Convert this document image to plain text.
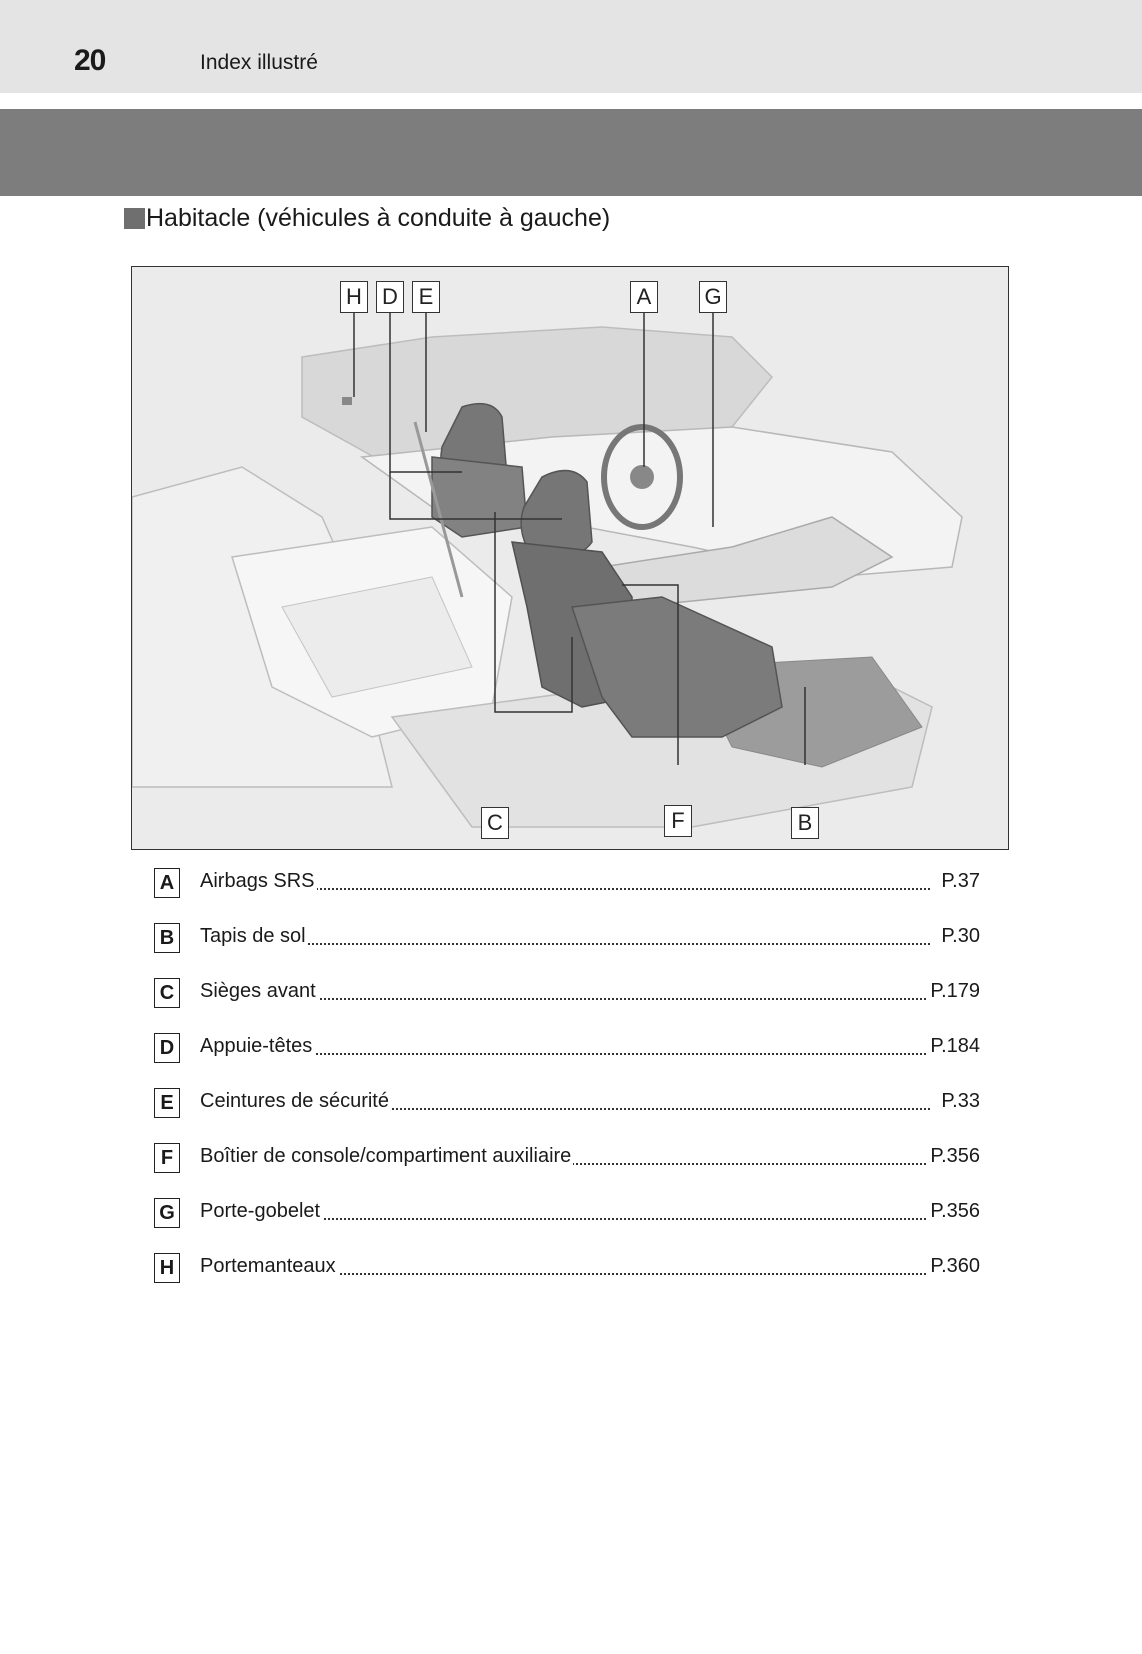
20	Index illustré
Habitacle (véhicules à conduite à gauche)
H D E	A	G
C	F	B
A Airbags SRS	P.37
B Tapis de sol	P.30
C Sièges avant	P.179
D Appuie-têtes	P.184
E	Ceintures de sécurité	P.33
F	Boîtier de console/compartiment auxiliaire	P.356
G Porte-gobelet	P.356
H Portemanteaux	P.360
